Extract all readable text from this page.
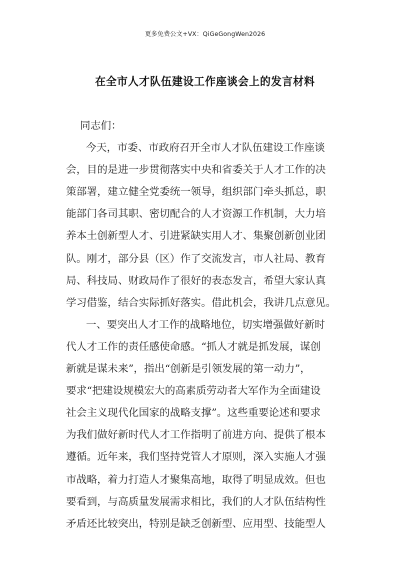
更多免费公文+VX：QiGeGongWen2026
在全市人才队伍建设工作座谈会上的发言材料

同志们：

今天，市委、市政府召开全市人才队伍建设工作座谈
会，目的是进一步贯彻落实中央和省委关于人才工作的决
策部署，建立健全党委统一领导，组织部门牵头抓总，职
能部门各司其职、密切配合的人才资源工作机制，大力培
养本土创新型人才、引进紧缺实用人才、集聚创新创业团
队。刚才，部分县（区）作了交流发言，市人社局、教育
局、科技局、财政局作了很好的表态发言，希望大家认真
学习借鉴，结合实际抓好落实。借此机会，我讲几点意见。
一、要突出人才工作的战略地位，切实增强做好新时
代人才工作的责任感使命感。“抓人才就是抓发展，谋创
新就是谋未来”，指出“创新是引领发展的第一动力”，
要求“把建设规模宏大的高素质劳动者大军作为全面建设
社会主义现代化国家的战略支撑”。这些重要论述和要求
为我们做好新时代人才工作指明了前进方向、提供了根本
遵循。近年来，我们坚持党管人才原则，深入实施人才强
市战略，着力打造人才聚集高地，取得了明显成效。但也
要看到，与高质量发展需求相比，我们的人才队伍结构性
矛盾还比较突出，特别是缺乏创新型、应用型、技能型人
